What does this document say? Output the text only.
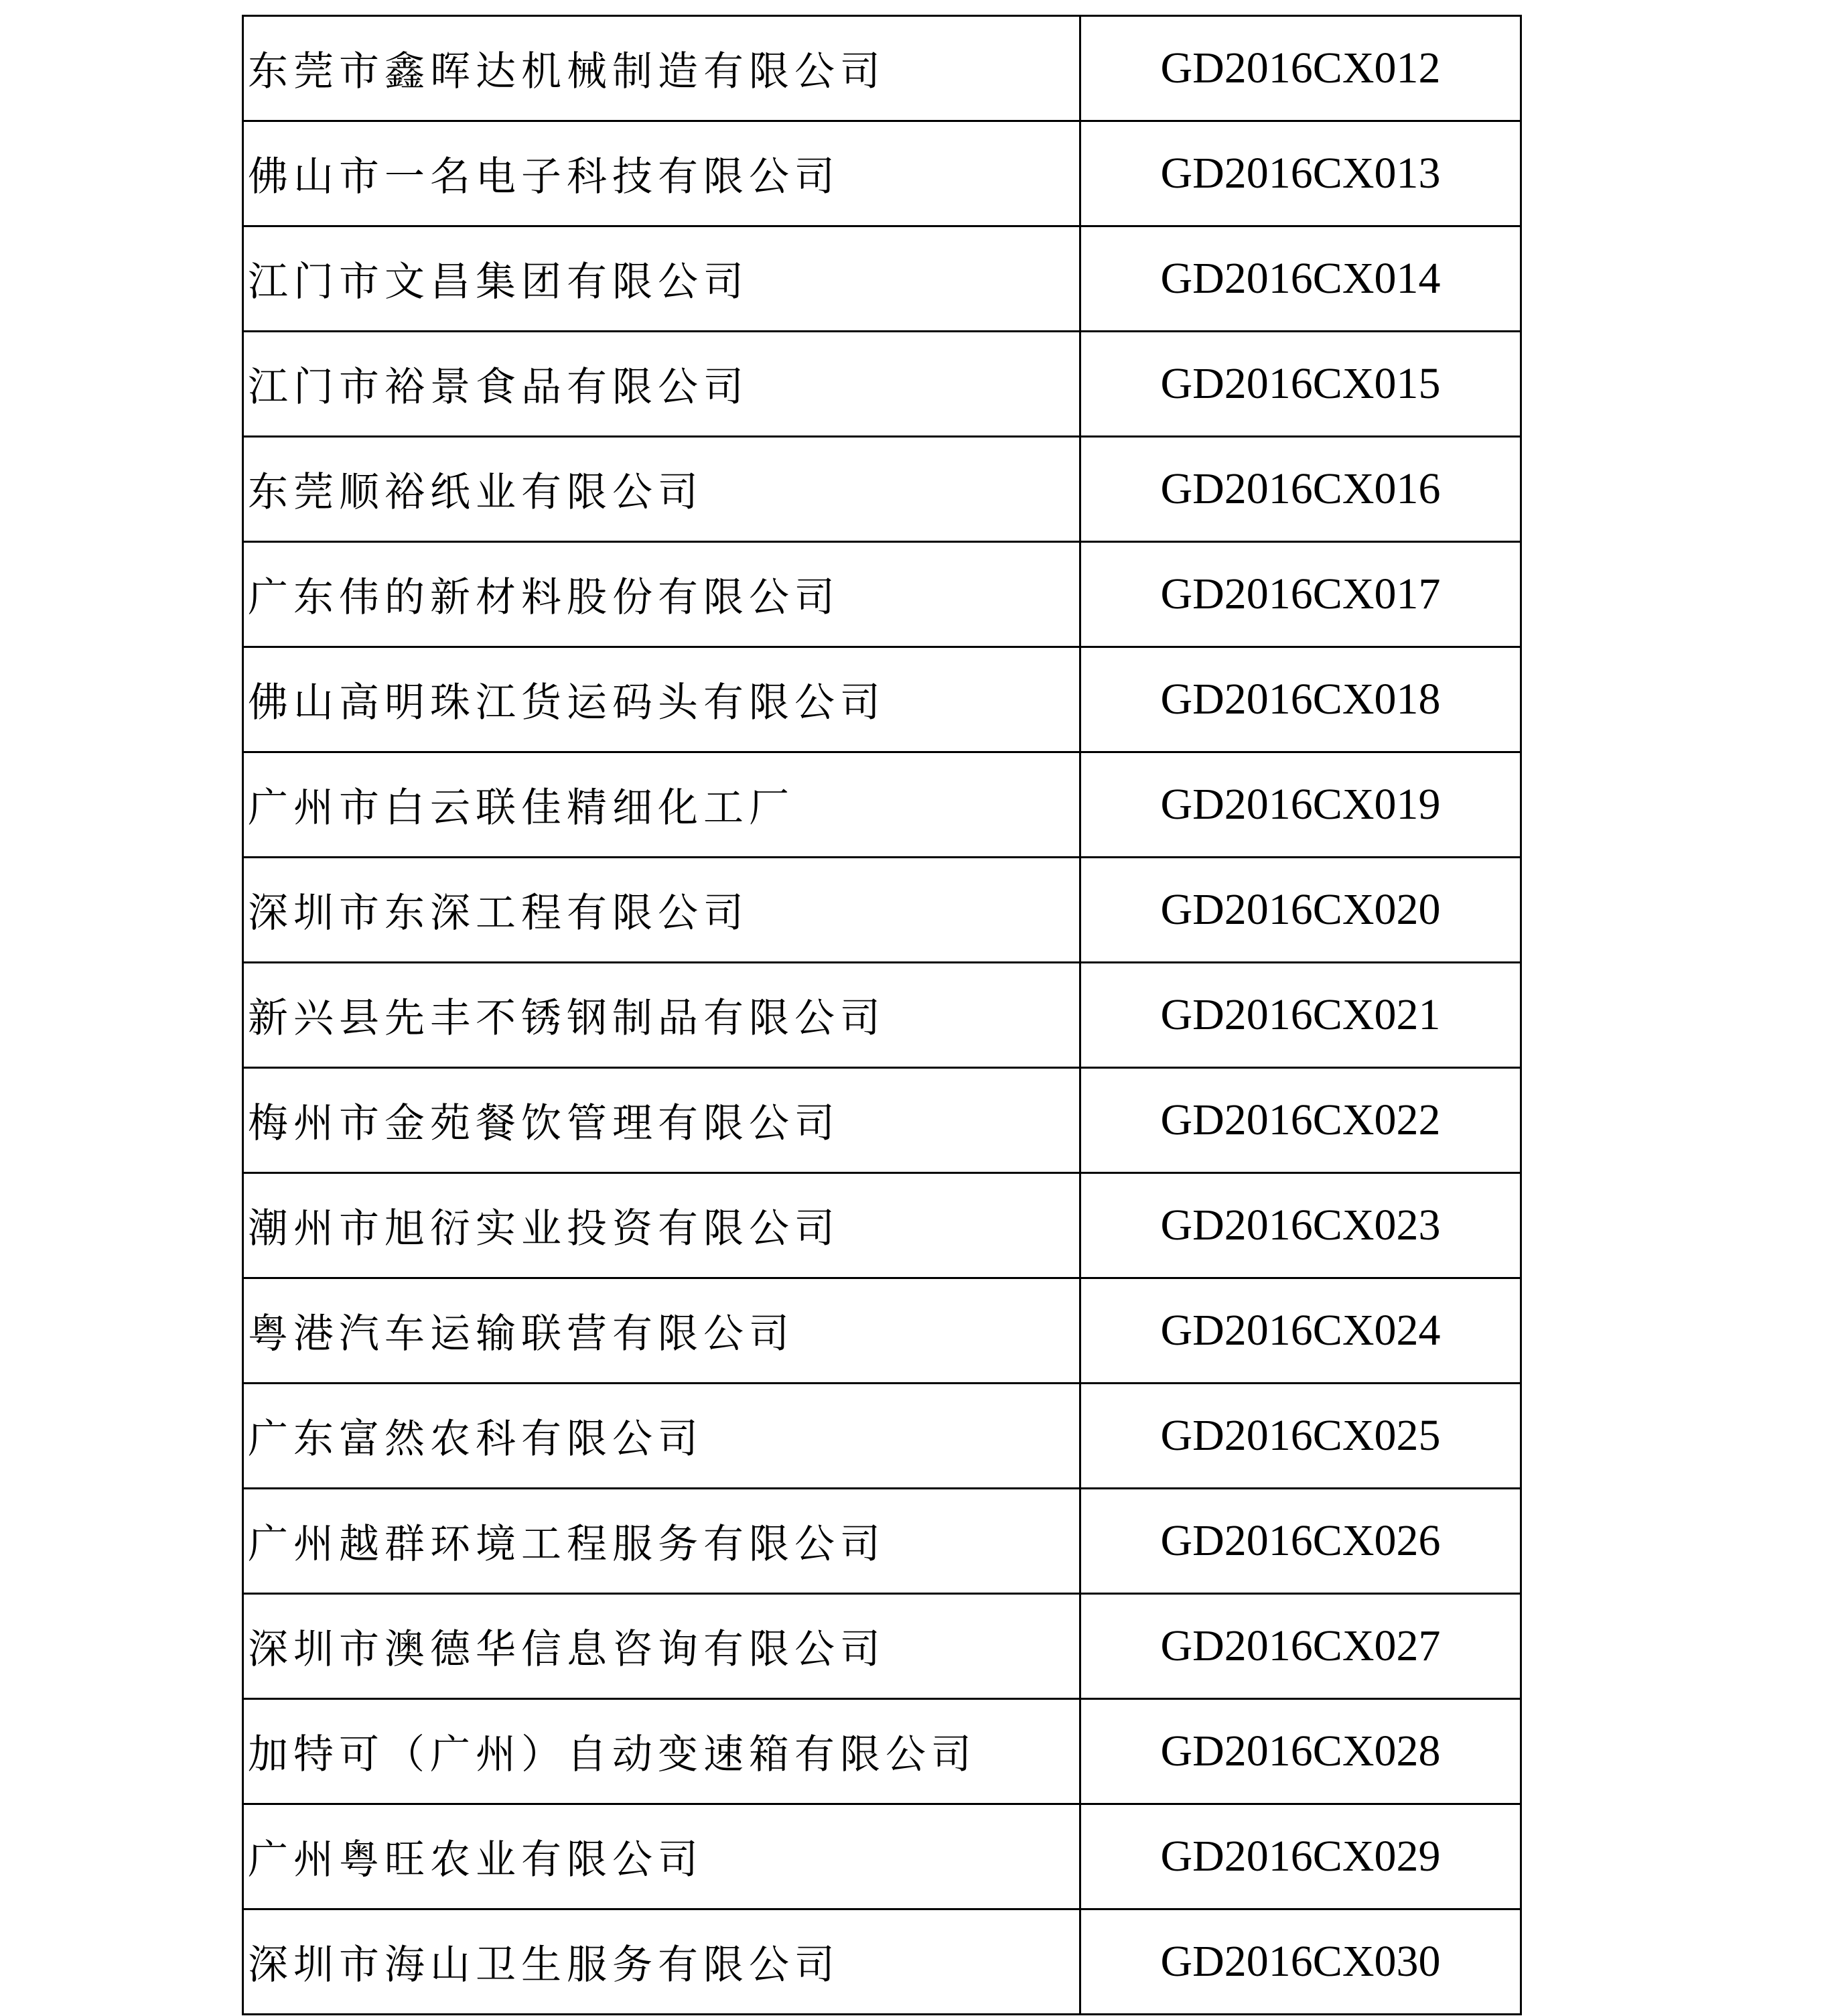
东莞市鑫晖达机械制造有限公司	GD2016CX012
佛山市一名电子科技有限公司	GD2016CX013
江门市文昌集团有限公司	GD2016CX014
江门市裕景食品有限公司	GD2016CX015
东莞顺裕纸业有限公司	GD2016CX016
广东伟的新材料股份有限公司	GD2016CX017
佛山高明珠江货运码头有限公司	GD2016CX018
广州市白云联佳精细化工厂	GD2016CX019
深圳市东深工程有限公司	GD2016CX020
新兴县先丰不锈钢制品有限公司	GD2016CX021
梅州市金苑餐饮管理有限公司	GD2016CX022
潮州市旭衍实业投资有限公司	GD2016CX023
粤港汽车运输联营有限公司	GD2016CX024
广东富然农科有限公司	GD2016CX025
广州越群环境工程服务有限公司	GD2016CX026
深圳市澳德华信息咨询有限公司	GD2016CX027
加特可（广州）自动变速箱有限公司	GD2016CX028
广州粤旺农业有限公司	GD2016CX029
深圳市海山卫生服务有限公司	GD2016CX030
